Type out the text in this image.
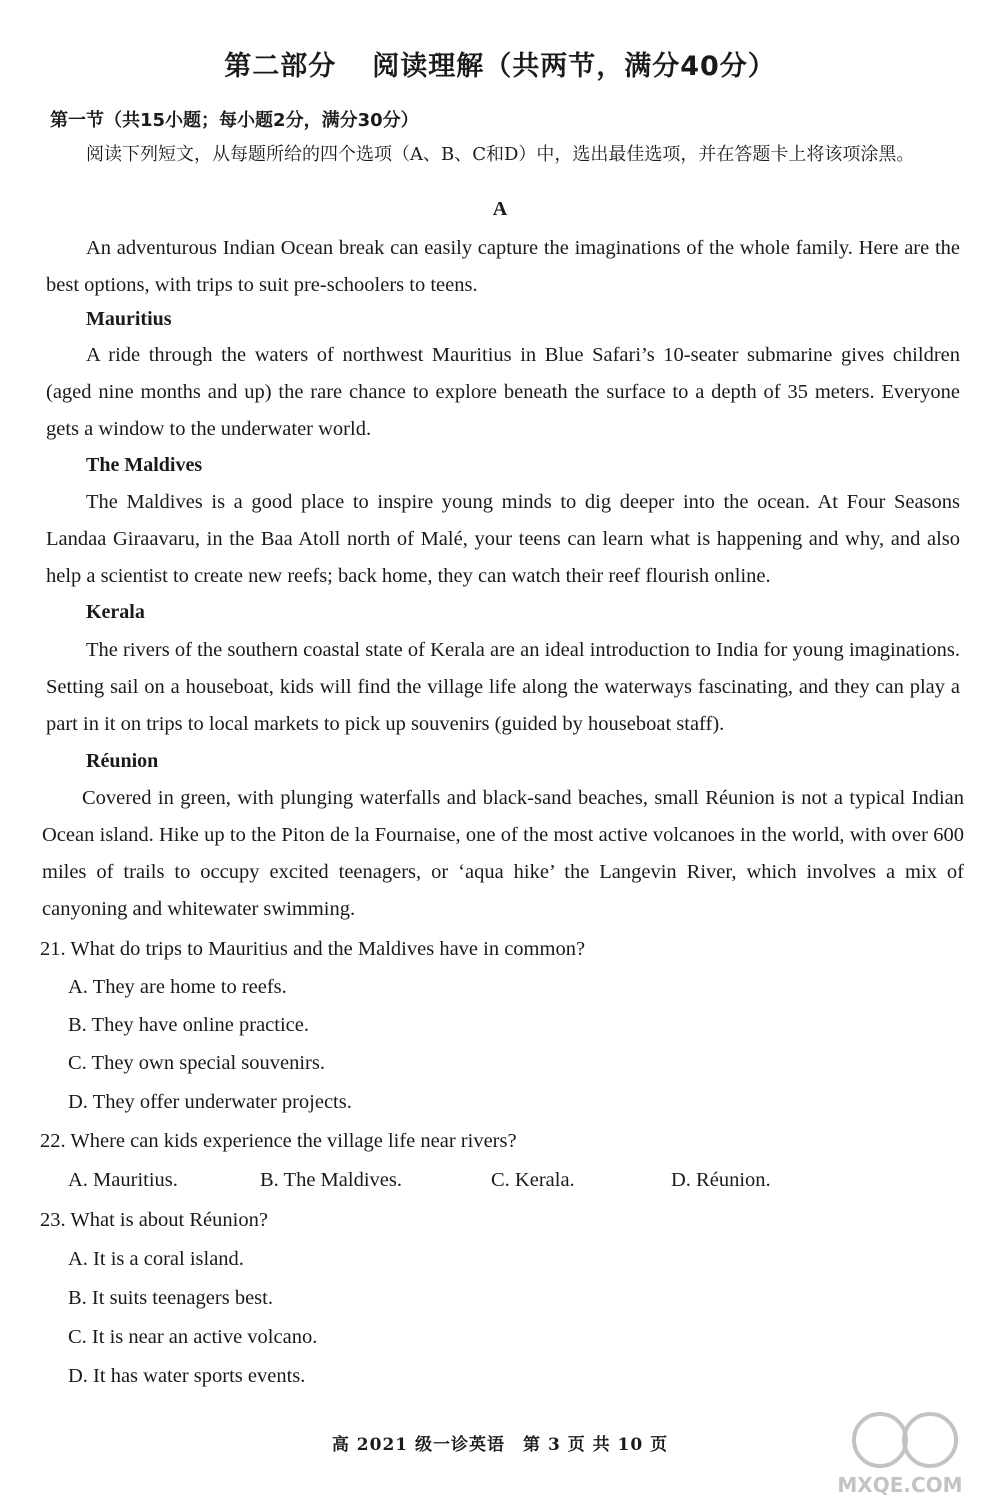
第二部分 阅读理解（共两节，满分40分）
第一节（共15小题；每小题2分，满分30分）
阅读下列短文，从每题所给的四个选项（A、B、C和D）中，选出最佳选项，并在答题卡上将该项涂黑。
A
An adventurous Indian Ocean break can easily capture the imaginations of the whole family. Here are the best options, with trips to suit pre-schoolers to teens.
Mauritius
A ride through the waters of northwest Mauritius in Blue Safari’s 10-seater submarine gives children (aged nine months and up) the rare chance to explore beneath the surface to a depth of 35 meters. Everyone gets a window to the underwater world.
The Maldives
The Maldives is a good place to inspire young minds to dig deeper into the ocean. At Four Seasons Landaa Giraavaru, in the Baa Atoll north of Malé, your teens can learn what is happening and why, and also help a scientist to create new reefs; back home, they can watch their reef flourish online.
Kerala
The rivers of the southern coastal state of Kerala are an ideal introduction to India for young imaginations. Setting sail on a houseboat, kids will find the village life along the waterways fascinating, and they can play a part in it on trips to local markets to pick up souvenirs (guided by houseboat staff).
Réunion
Covered in green, with plunging waterfalls and black-sand beaches, small Réunion is not a typical Indian Ocean island. Hike up to the Piton de la Fournaise, one of the most active volcanoes in the world, with over 600 miles of trails to occupy excited teenagers, or ‘aqua hike’ the Langevin River, which involves a mix of canyoning and whitewater swimming.
21. What do trips to Mauritius and the Maldives have in common?
A. They are home to reefs.
B. They have online practice.
C. They own special souvenirs.
D. They offer underwater projects.
22. Where can kids experience the village life near rivers?
A. Mauritius.	B. The Maldives.	C. Kerala.	D. Réunion.
23. What is about Réunion?
A. It is a coral island.
B. It suits teenagers best.
C. It is near an active volcano.
D. It has water sports events.
高 2021 级一诊英语　第 3 页 共 10 页
MXQE.COM
